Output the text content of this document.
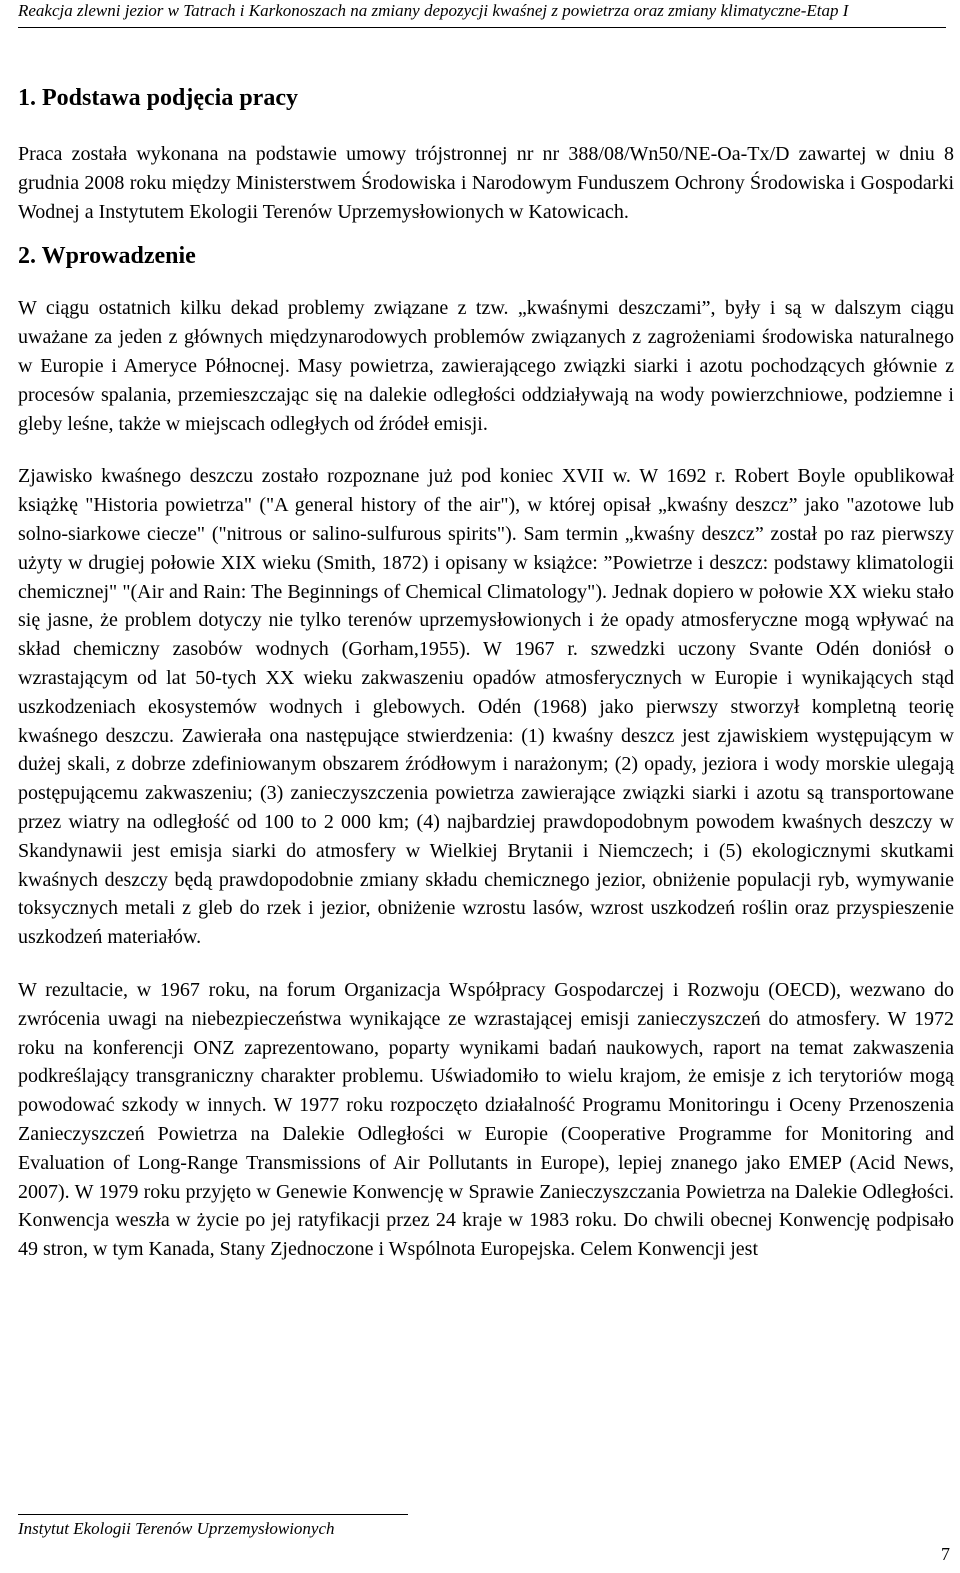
Reakcja zlewni jezior w Tatrach i Karkonoszach na zmiany depozycji kwaśnej z powietrza oraz zmiany klimatyczne-Etap I
1. Podstawa podjęcia pracy

Praca została wykonana na podstawie umowy trójstronnej nr nr 388/08/Wn50/NE-Oa-Tx/D zawartej w dniu 8 grudnia 2008 roku między Ministerstwem Środowiska i Narodowym Funduszem Ochrony Środowiska i Gospodarki Wodnej a Instytutem Ekologii Terenów Uprzemysłowionych w Katowicach.

2. Wprowadzenie

W ciągu ostatnich kilku dekad problemy związane z tzw. „kwaśnymi deszczami”, były i są w dalszym ciągu uważane za jeden z głównych międzynarodowych problemów związanych z zagrożeniami środowiska naturalnego w Europie i Ameryce Północnej. Masy powietrza, zawierającego związki siarki i azotu pochodzących głównie z procesów spalania, przemieszczając się na dalekie odległości oddziaływają na wody powierzchniowe, podziemne i gleby leśne, także w miejscach odległych od źródeł emisji.

Zjawisko kwaśnego deszczu zostało rozpoznane już pod koniec XVII w. W 1692 r. Robert Boyle opublikował książkę "Historia powietrza" ("A general history of the air"), w której opisał „kwaśny deszcz” jako "azotowe lub solno-siarkowe ciecze" ("nitrous or salino-sulfurous spirits"). Sam termin „kwaśny deszcz” został po raz pierwszy użyty w drugiej połowie XIX wieku (Smith, 1872) i opisany w książce: ”Powietrze i deszcz: podstawy klimatologii chemicznej" "(Air and Rain: The Beginnings of Chemical Climatology"). Jednak dopiero w połowie XX wieku stało się jasne, że problem dotyczy nie tylko terenów uprzemysłowionych i że opady atmosferyczne mogą wpływać na skład chemiczny zasobów wodnych (Gorham,1955). W 1967 r. szwedzki uczony Svante Odén doniósł o wzrastającym od lat 50-tych XX wieku zakwaszeniu opadów atmosferycznych w Europie i wynikających stąd uszkodzeniach ekosystemów wodnych i glebowych. Odén (1968) jako pierwszy stworzył kompletną teorię kwaśnego deszczu. Zawierała ona następujące stwierdzenia: (1) kwaśny deszcz jest zjawiskiem występującym w dużej skali, z dobrze zdefiniowanym obszarem źródłowym i narażonym; (2) opady, jeziora i wody morskie ulegają postępującemu zakwaszeniu; (3) zanieczyszczenia powietrza zawierające związki siarki i azotu są transportowane przez wiatry na odległość od 100 to 2 000 km; (4) najbardziej prawdopodobnym powodem kwaśnych deszczy w Skandynawii jest emisja siarki do atmosfery w Wielkiej Brytanii i Niemczech; i (5) ekologicznymi skutkami kwaśnych deszczy będą prawdopodobnie zmiany składu chemicznego jezior, obniżenie populacji ryb, wymywanie toksycznych metali z gleb do rzek i jezior, obniżenie wzrostu lasów, wzrost uszkodzeń roślin oraz przyspieszenie uszkodzeń materiałów.

W rezultacie, w 1967 roku, na forum Organizacja Współpracy Gospodarczej i Rozwoju (OECD), wezwano do zwrócenia uwagi na niebezpieczeństwa wynikające ze wzrastającej emisji zanieczyszczeń do atmosfery. W 1972 roku na konferencji ONZ zaprezentowano, poparty wynikami badań naukowych, raport na temat zakwaszenia podkreślający transgraniczny charakter problemu. Uświadomiło to wielu krajom, że emisje z ich terytoriów mogą powodować szkody w innych. W 1977 roku rozpoczęto działalność Programu Monitoringu i Oceny Przenoszenia Zanieczyszczeń Powietrza na Dalekie Odległości w Europie (Cooperative Programme for Monitoring and Evaluation of Long-Range Transmissions of Air Pollutants in Europe), lepiej znanego jako EMEP (Acid News, 2007). W 1979 roku przyjęto w Genewie Konwencję w Sprawie Zanieczyszczania Powietrza na Dalekie Odległości. Konwencja weszła w życie po jej ratyfikacji przez 24 kraje w 1983 roku. Do chwili obecnej Konwencję podpisało 49 stron, w tym Kanada, Stany Zjednoczone i Wspólnota Europejska. Celem Konwencji jest

Instytut Ekologii Terenów Uprzemysłowionych
7
